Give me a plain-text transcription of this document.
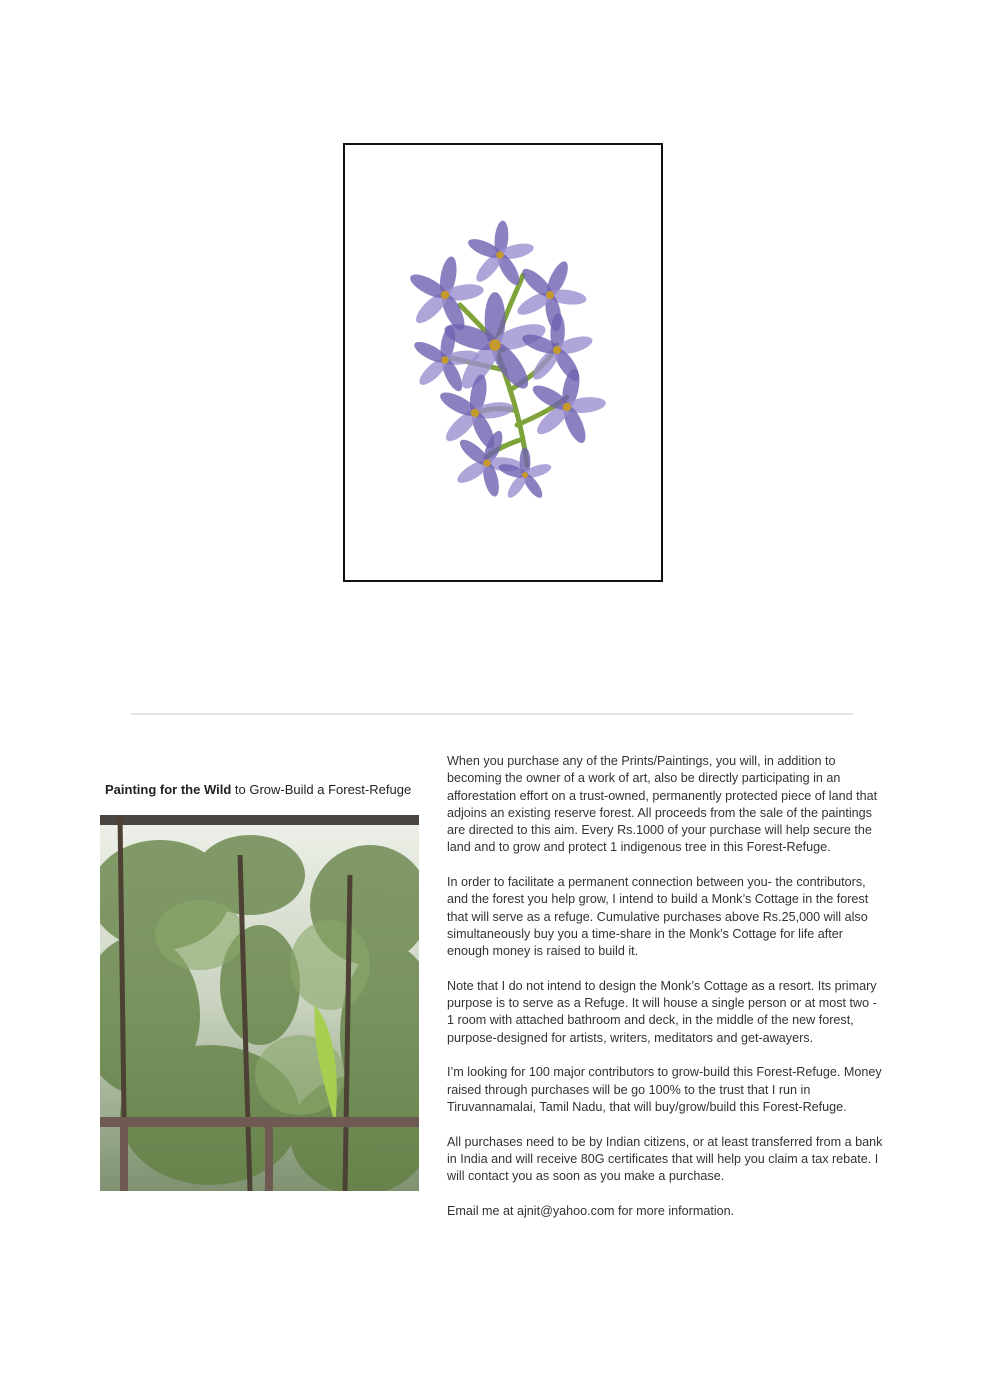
Painting for the Wild to Grow-Build a Forest-Refuge

When you purchase any of the Prints/Paintings, you will, in addition to becoming the owner of a work of art, also be directly participating in an afforestation effort on a trust-owned, permanently protected piece of land that adjoins an existing reserve forest. All proceeds from the sale of the paintings are directed to this aim. Every Rs.1000 of your purchase will help secure the land and to grow and protect 1 indigenous tree in this Forest-Refuge.

In order to facilitate a permanent connection between you- the contributors, and the forest you help grow, I intend to build a Monk’s Cottage in the forest that will serve as a refuge. Cumulative purchases above Rs.25,000 will also simultaneously buy you a time-share in the Monk’s Cottage for life after enough money is raised to build it.

Note that I do not intend to design the Monk’s Cottage as a resort. Its primary purpose is to serve as a Refuge. It will house a single person or at most two - 1 room with attached bathroom and deck, in the middle of the new forest, purpose-designed for artists, writers, meditators and get-awayers.

I’m looking for 100 major contributors to grow-build this Forest-Refuge. Money raised through purchases will be go 100% to the trust that I run in Tiruvannamalai, Tamil Nadu, that will buy/grow/build this Forest-Refuge.

All purchases need to be by Indian citizens, or at least transferred from a bank in India and will receive 80G certificates that will help you claim a tax rebate. I will contact you as soon as you make a purchase.

Email me at ajnit@yahoo.com for more information.
